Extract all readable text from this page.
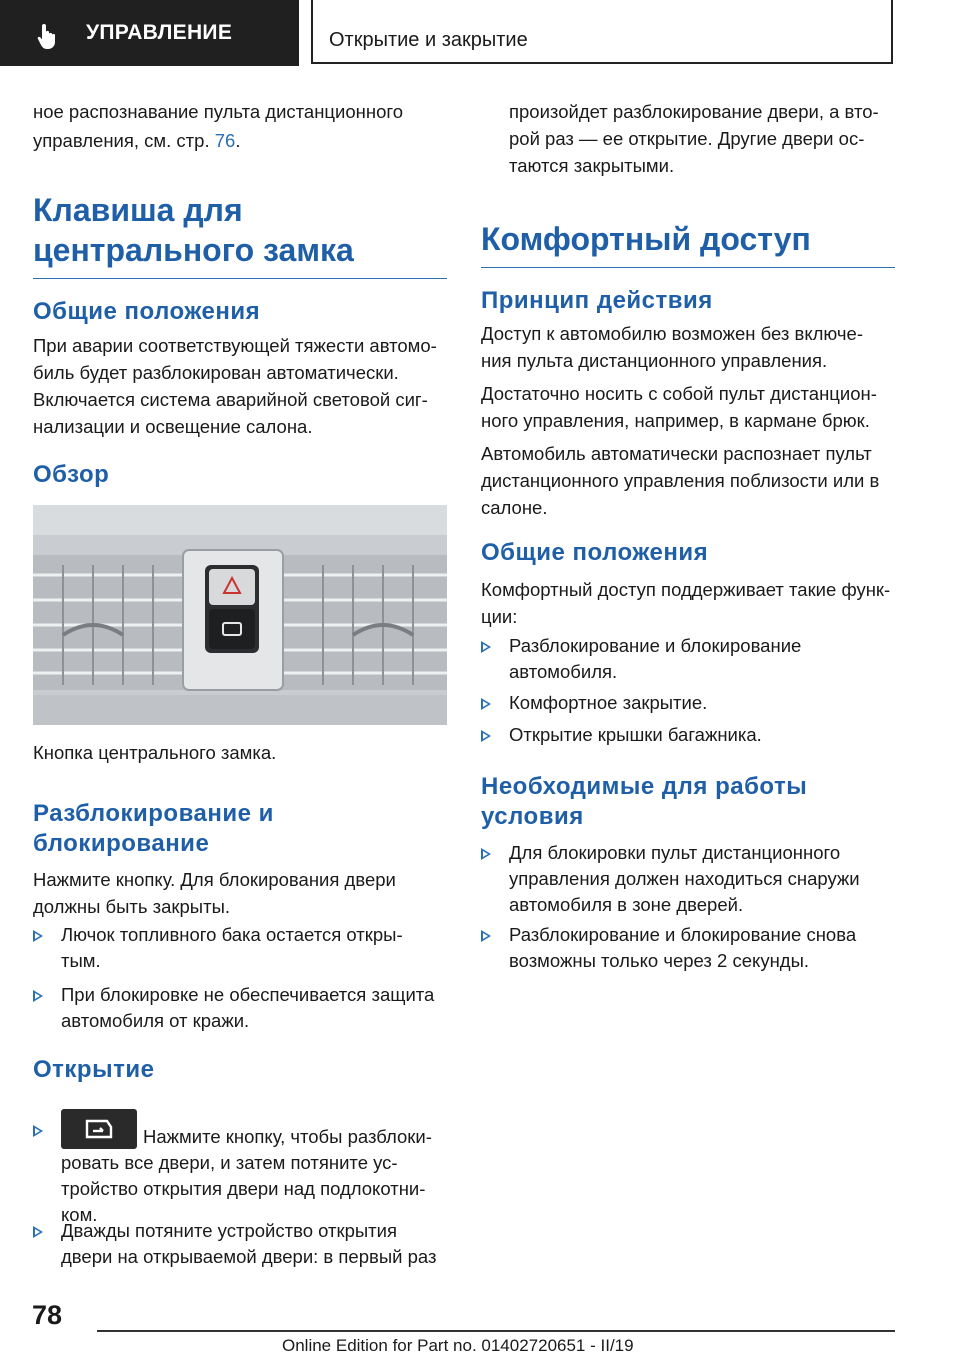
УПРАВЛЕНИЕ	Открытие и закрытие

ное распознавание пульта дистанционного

управления, см. стр. 76.

Клавиша для
центрального замка
Общие положения

При аварии соответствующей тяжести автомо-

биль будет разблокирован автоматически.

Включается система аварийной световой сиг-

нализации и освещение салона.

Обзор

Кнопка центрального замка.

Разблокирование и
блокирование

Нажмите кнопку. Для блокирования двери

должны быть закрыты.

Лючок топливного бака остается откры-

тым.

При блокировке не обеспечивается защита

автомобиля от кражи.

Открытие

Нажмите кнопку, чтобы разблоки-

ровать все двери, и затем потяните ус-

тройство открытия двери над подлокотни-

ком.

Дважды потяните устройство открытия

двери на открываемой двери: в первый раз

произойдет разблокирование двери, а вто-

рой раз — ее открытие. Другие двери ос-

таются закрытыми.

Комфортный доступ
Принцип действия

Доступ к автомобилю возможен без включе-

ния пульта дистанционного управления.

Достаточно носить с собой пульт дистанцион-

ного управления, например, в кармане брюк.

Автомобиль автоматически распознает пульт

дистанционного управления поблизости или в

салоне.

Общие положения

Комфортный доступ поддерживает такие функ-

ции:

Разблокирование и блокирование

автомобиля.

Комфортное закрытие.

Открытие крышки багажника.

Необходимые для работы
условия

Для блокировки пульт дистанционного

управления должен находиться снаружи

автомобиля в зоне дверей.

Разблокирование и блокирование снова

возможны только через 2 секунды.

78
Online Edition for Part no. 01402720651 - II/19
